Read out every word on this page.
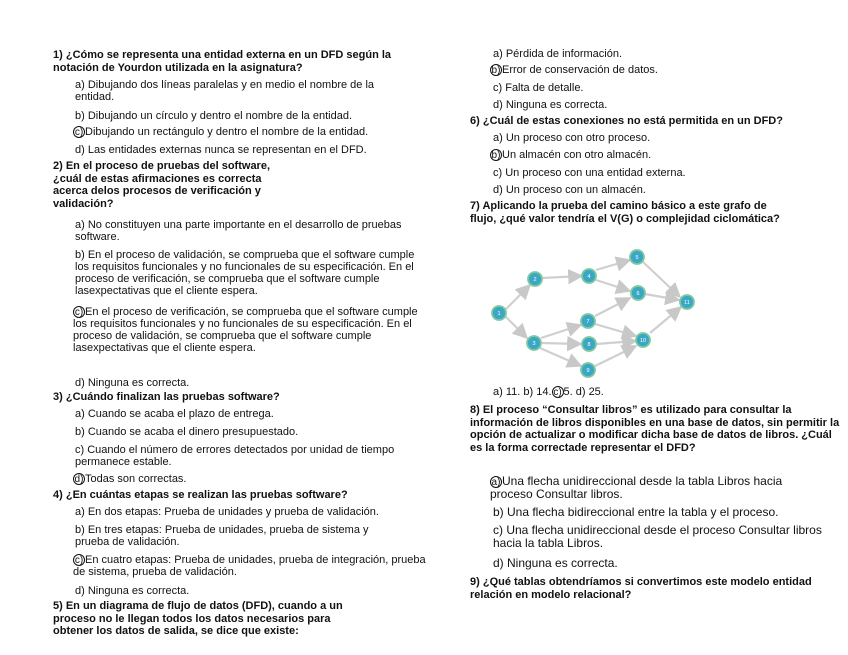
1) ¿Cómo se representa una entidad externa en un DFD según la notación de Yourdon utilizada en la asignatura?
a) Dibujando dos líneas paralelas y en medio el nombre de la entidad.
b) Dibujando un círculo y dentro el nombre de la entidad.
c) Dibujando un rectángulo y dentro el nombre de la entidad.
d) Las entidades externas nunca se representan en el DFD.
2) En el proceso de pruebas del software, ¿cuál de estas afirmaciones es correcta acerca delos procesos de verificación y validación?
a) No constituyen una parte importante en el desarrollo de pruebas software.
b) En el proceso de validación, se comprueba que el software cumple los requisitos funcionales y no funcionales de su especificación. En el proceso de verificación, se comprueba que el software cumple lasexpectativas que el cliente espera.
c) En el proceso de verificación, se comprueba que el software cumple los requisitos funcionales y no funcionales de su especificación. En el proceso de validación, se comprueba que el software cumple lasexpectativas que el cliente espera.
d) Ninguna es correcta.
3) ¿Cuándo finalizan las pruebas software?
a) Cuando se acaba el plazo de entrega.
b) Cuando se acaba el dinero presupuestado.
c) Cuando el número de errores detectados por unidad de tiempo permanece estable.
d) Todas son correctas.
4) ¿En cuántas etapas se realizan las pruebas software?
a) En dos etapas: Prueba de unidades y prueba de validación.
b) En tres etapas: Prueba de unidades, prueba de sistema y prueba de validación.
c) En cuatro etapas: Prueba de unidades, prueba de integración, prueba de sistema, prueba de validación.
d) Ninguna es correcta.
5) En un diagrama de flujo de datos (DFD), cuando a un proceso no le llegan todos los datos necesarios para obtener los datos de salida, se dice que existe:
a) Pérdida de información.
b) Error de conservación de datos.
c) Falta de detalle.
d) Ninguna es correcta.
6) ¿Cuál de estas conexiones no está permitida en un DFD?
a) Un proceso con otro proceso.
b) Un almacén con otro almacén.
c) Un proceso con una entidad externa.
d) Un proceso con un almacén.
7) Aplicando la prueba del camino básico a este grafo de flujo, ¿qué valor tendría el V(G) o complejidad ciclomática?
1
2
3
4
5
6
7
8
9
10
11
a) 11. b) 14. c) 5. d) 25.
8) El proceso “Consultar libros” es utilizado para consultar la información de libros disponibles en una base de datos, sin permitir la opción de actualizar o modificar dicha base de datos de libros. ¿Cuál es la forma correctade representar el DFD?
a) Una flecha unidireccional desde la tabla Libros hacia proceso Consultar libros.
b) Una flecha bidireccional entre la tabla y el proceso.
c) Una flecha unidireccional desde el proceso Consultar libros hacia la tabla Libros.
d) Ninguna es correcta.
9) ¿Qué tablas obtendríamos si convertimos este modelo entidad relación en modelo relacional?
